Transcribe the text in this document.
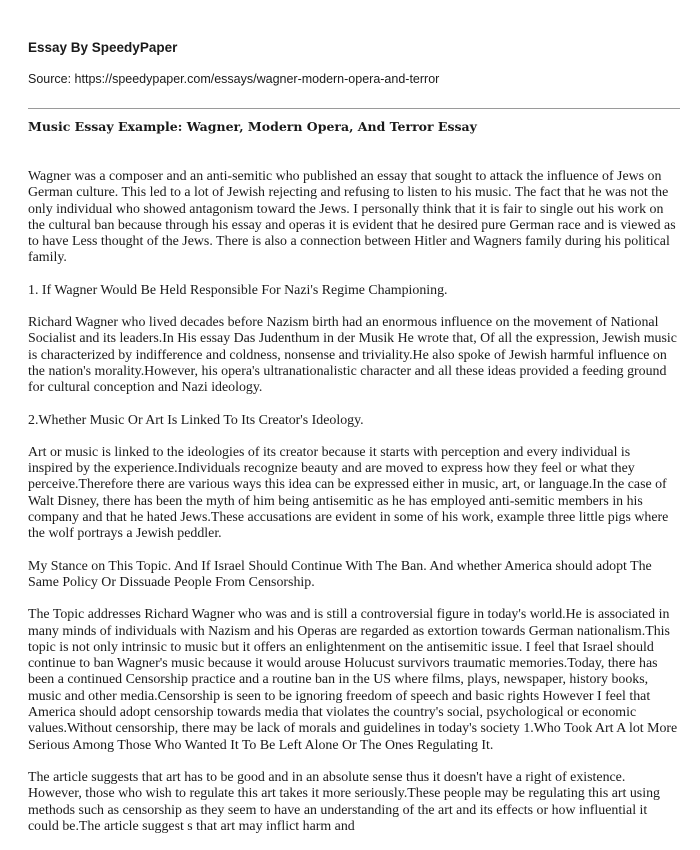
Essay By SpeedyPaper
Source: https://speedypaper.com/essays/wagner-modern-opera-and-terror
Music Essay Example: Wagner, Modern Opera, And Terror Essay

Wagner was a composer and an anti-semitic who published an essay that sought to attack the influence of Jews on German culture. This led to a lot of Jewish rejecting and refusing to listen to his music. The fact that he was not the only individual who showed antagonism toward the Jews. I personally think that it is fair to single out his work on the cultural ban because through his essay and operas it is evident that he desired pure German race and is viewed as to have Less thought of the Jews. There is also a connection between Hitler and Wagners family during his political family.

1. If Wagner Would Be Held Responsible For Nazi's Regime Championing.

Richard Wagner who lived decades before Nazism birth had an enormous influence on the movement of National Socialist and its leaders.In His essay Das Judenthum in der Musik He wrote that, Of all the expression, Jewish music is characterized by indifference and coldness, nonsense and triviality.He also spoke of Jewish harmful influence on the nation's morality.However, his opera's ultranationalistic character and all these ideas provided a feeding ground for cultural conception and Nazi ideology.

2.Whether Music Or Art Is Linked To Its Creator's Ideology.

Art or music is linked to the ideologies of its creator because it starts with perception and every individual is inspired by the experience.Individuals recognize beauty and are moved to express how they feel or what they perceive.Therefore there are various ways this idea can be expressed either in music, art, or language.In the case of Walt Disney, there has been the myth of him being antisemitic as he has employed anti-semitic members in his company and that he hated Jews.These accusations are evident in some of his work, example three little pigs where the wolf portrays a Jewish peddler.

My Stance on This Topic. And If Israel Should Continue With The Ban. And whether America should adopt The Same Policy Or Dissuade People From Censorship.

The Topic addresses Richard Wagner who was and is still a controversial figure in today's world.He is associated in many minds of individuals with Nazism and his Operas are regarded as extortion towards German nationalism.This topic is not only intrinsic to music but it offers an enlightenment on the antisemitic issue. I feel that Israel should continue to ban Wagner's music because it would arouse Holucust survivors traumatic memories.Today, there has been a continued Censorship practice and a routine ban in the US where films, plays, newspaper, history books, music and other media.Censorship is seen to be ignoring freedom of speech and basic rights However I feel that America should adopt censorship towards media that violates the country's social, psychological or economic values.Without censorship, there may be lack of morals and guidelines in today's society 1.Who Took Art A lot More Serious Among Those Who Wanted It To Be Left Alone Or The Ones Regulating It.

The article suggests that art has to be good and in an absolute sense thus it doesn't have a right of existence. However, those who wish to regulate this art takes it more seriously.These people may be regulating this art using methods such as censorship as they seem to have an understanding of the art and its effects or how influential it could be.The article suggest s that art may inflict harm and
